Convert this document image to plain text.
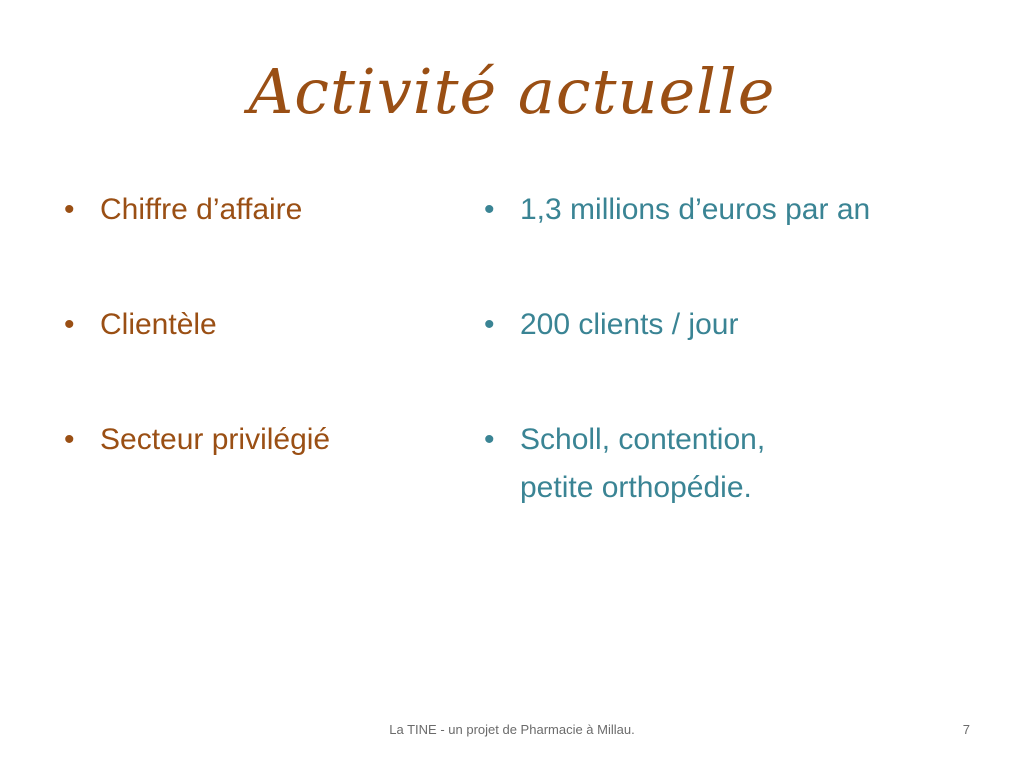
Activité actuelle
• Chiffre d’affaire
• Clientèle
• Secteur privilégié
• 1,3 millions d’euros par an
• 200 clients / jour
• Scholl, contention, petite orthopédie.
La TINE - un projet de Pharmacie à Millau.	7
